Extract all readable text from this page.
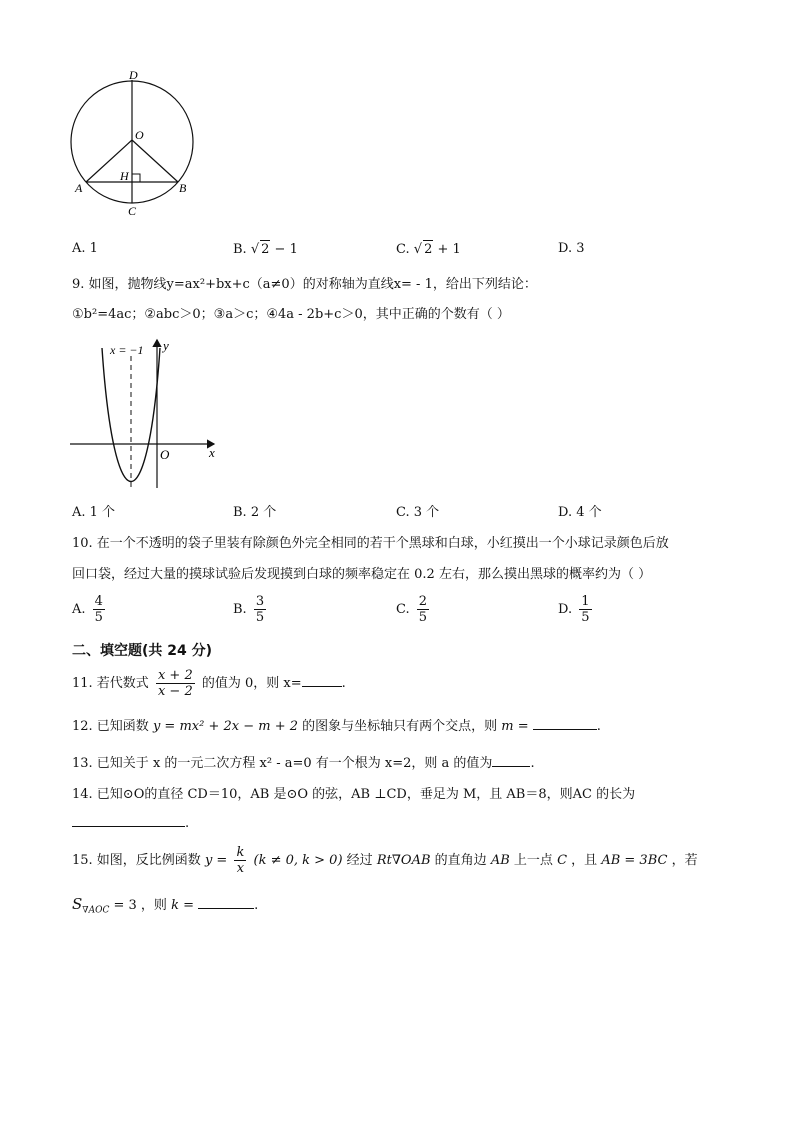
D
O
H
A	B
C
A. 1	B. √ 2 − 1	C. √ 2 + 1	D. 3
9. 如图，抛物线y=ax²+bx+c（a≠0）的对称轴为直线x= - 1，给出下列结论：
①b²=4ac；②abc＞0；③a＞c；④4a - 2b+c＞0，其中正确的个数有（ ）
x = −1 y
x
O
A. 1 个	B. 2 个	C. 3 个	D. 4 个
10. 在一个不透明的袋子里装有除颜色外完全相同的若干个黑球和白球，小红摸出一个小球记录颜色后放
回口袋，经过大量的摸球试验后发现摸到白球的频率稳定在 0.2 左右，那么摸出黑球的概率约为（ ）
A. $\frac{4}{5}$	B. $\frac{3}{5}$	C. $\frac{2}{5}$	D. $\frac{1}{5}$
二、填空题(共 24 分)
11. 若代数式 $\frac{x + 2}{x - 2}$ 的值为 0，则 x=	.
12. 已知函数 y = mx² + 2x − m + 2 的图象与坐标轴只有两个交点，则 m =	.
13. 已知关于 x 的一元二次方程 x² - a=0 有一个根为 x=2，则 a 的值为	.
14. 已知⊙O的直径 CD＝10，AB 是⊙O 的弦，AB ⊥CD，垂足为 M，且 AB＝8，则AC 的长为
.
15. 如图，反比例函数 $y = \frac{k}{x} (k \ne 0$, k > 0) 经过 Rt∇OAB 的直角边 AB 上一点 C ，且 AB = 3BC ，若
$S_{\nabla AOC} = 3$ ，则 k =	.
